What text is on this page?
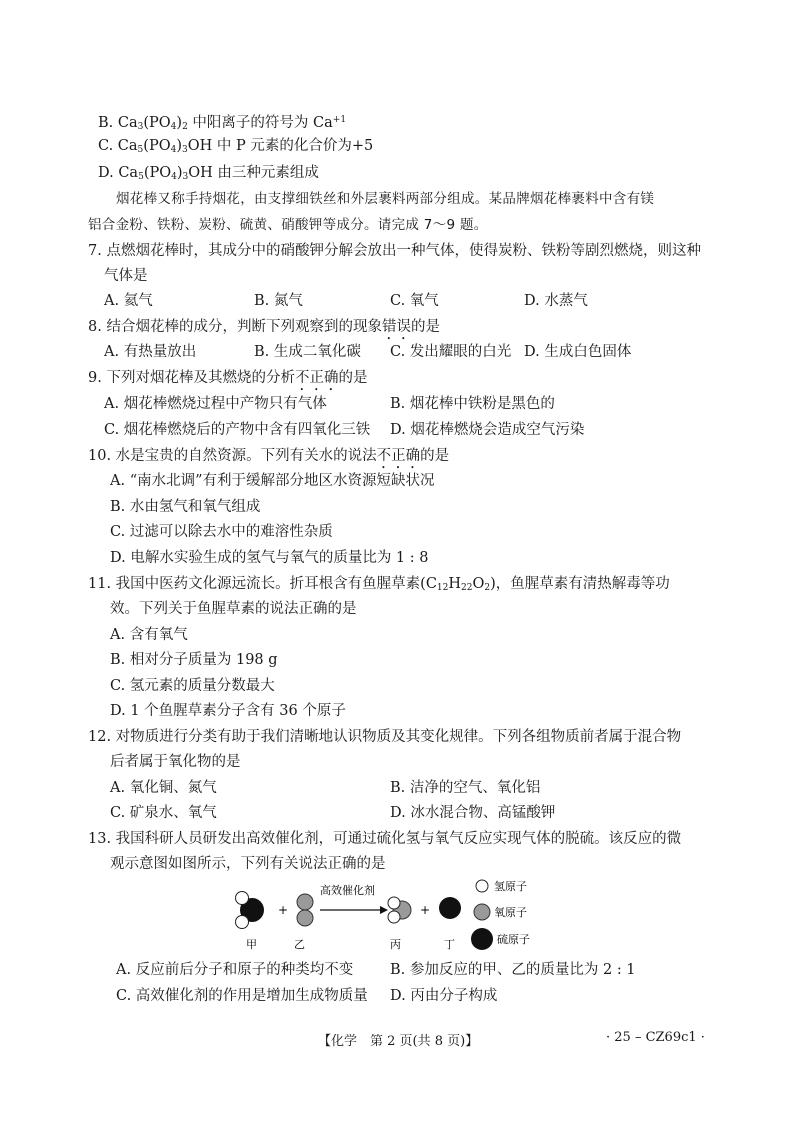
B. $Ca_3(PO_4)_2$ 中阳离子的符号为 $Ca^{+1}$
C. $Ca_5(PO_4)_3OH$ 中 P 元素的化合价为+5
D. $Ca_5(PO_4)_3OH$ 由三种元素组成
烟花棒又称手持烟花，由支撑细铁丝和外层裹料两部分组成。某品牌烟花棒裹料中含有镁
铝合金粉、铁粉、炭粉、硫黄、硝酸钾等成分。请完成 7～9 题。
7. 点燃烟花棒时，其成分中的硝酸钾分解会放出一种气体，使得炭粉、铁粉等剧烈燃烧，则这种
气体是
A. 氦气	B. 氮气	C. 氧气	D. 水蒸气
8. 结合烟花棒的成分，判断下列观察到的现象错误的是
A. 有热量放出	B. 生成二氧化碳 C. 发出耀眼的白光 D. 生成白色固体
9. 下列对烟花棒及其燃烧的分析不正确的是
A. 烟花棒燃烧过程中产物只有气体	B. 烟花棒中铁粉是黑色的
C. 烟花棒燃烧后的产物中含有四氧化三铁 D. 烟花棒燃烧会造成空气污染
10. 水是宝贵的自然资源。下列有关水的说法不正确的是
A. “南水北调”有利于缓解部分地区水资源短缺状况
B. 水由氢气和氧气组成
C. 过滤可以除去水中的难溶性杂质
D. 电解水实验生成的氢气与氧气的质量比为 1 : 8
11. 我国中医药文化源远流长。折耳根含有鱼腥草素$(C_{12}H_{22}O_2)$，鱼腥草素有清热解毒等功
效。下列关于鱼腥草素的说法正确的是
A. 含有氧气
B. 相对分子质量为 198 g
C. 氢元素的质量分数最大
D. 1 个鱼腥草素分子含有 36 个原子
12. 对物质进行分类有助于我们清晰地认识物质及其变化规律。下列各组物质前者属于混合物
后者属于氧化物的是
A. 氧化铜、氮气	B. 洁净的空气、氧化铝
C. 矿泉水、氧气	D. 冰水混合物、高锰酸钾
13. 我国科研人员研发出高效催化剂，可通过硫化氢与氧气反应实现气体的脱硫。该反应的微
观示意图如图所示，下列有关说法正确的是
+
高效催化剂
+
甲	乙	丙	丁
氢原子
氧原子
硫原子
A. 反应前后分子和原子的种类均不变	B. 参加反应的甲、乙的质量比为 2 : 1
C. 高效催化剂的作用是增加生成物质量 D. 丙由分子构成
【化学　第 2 页(共 8 页)】	· 25 – CZ69c1 ·
